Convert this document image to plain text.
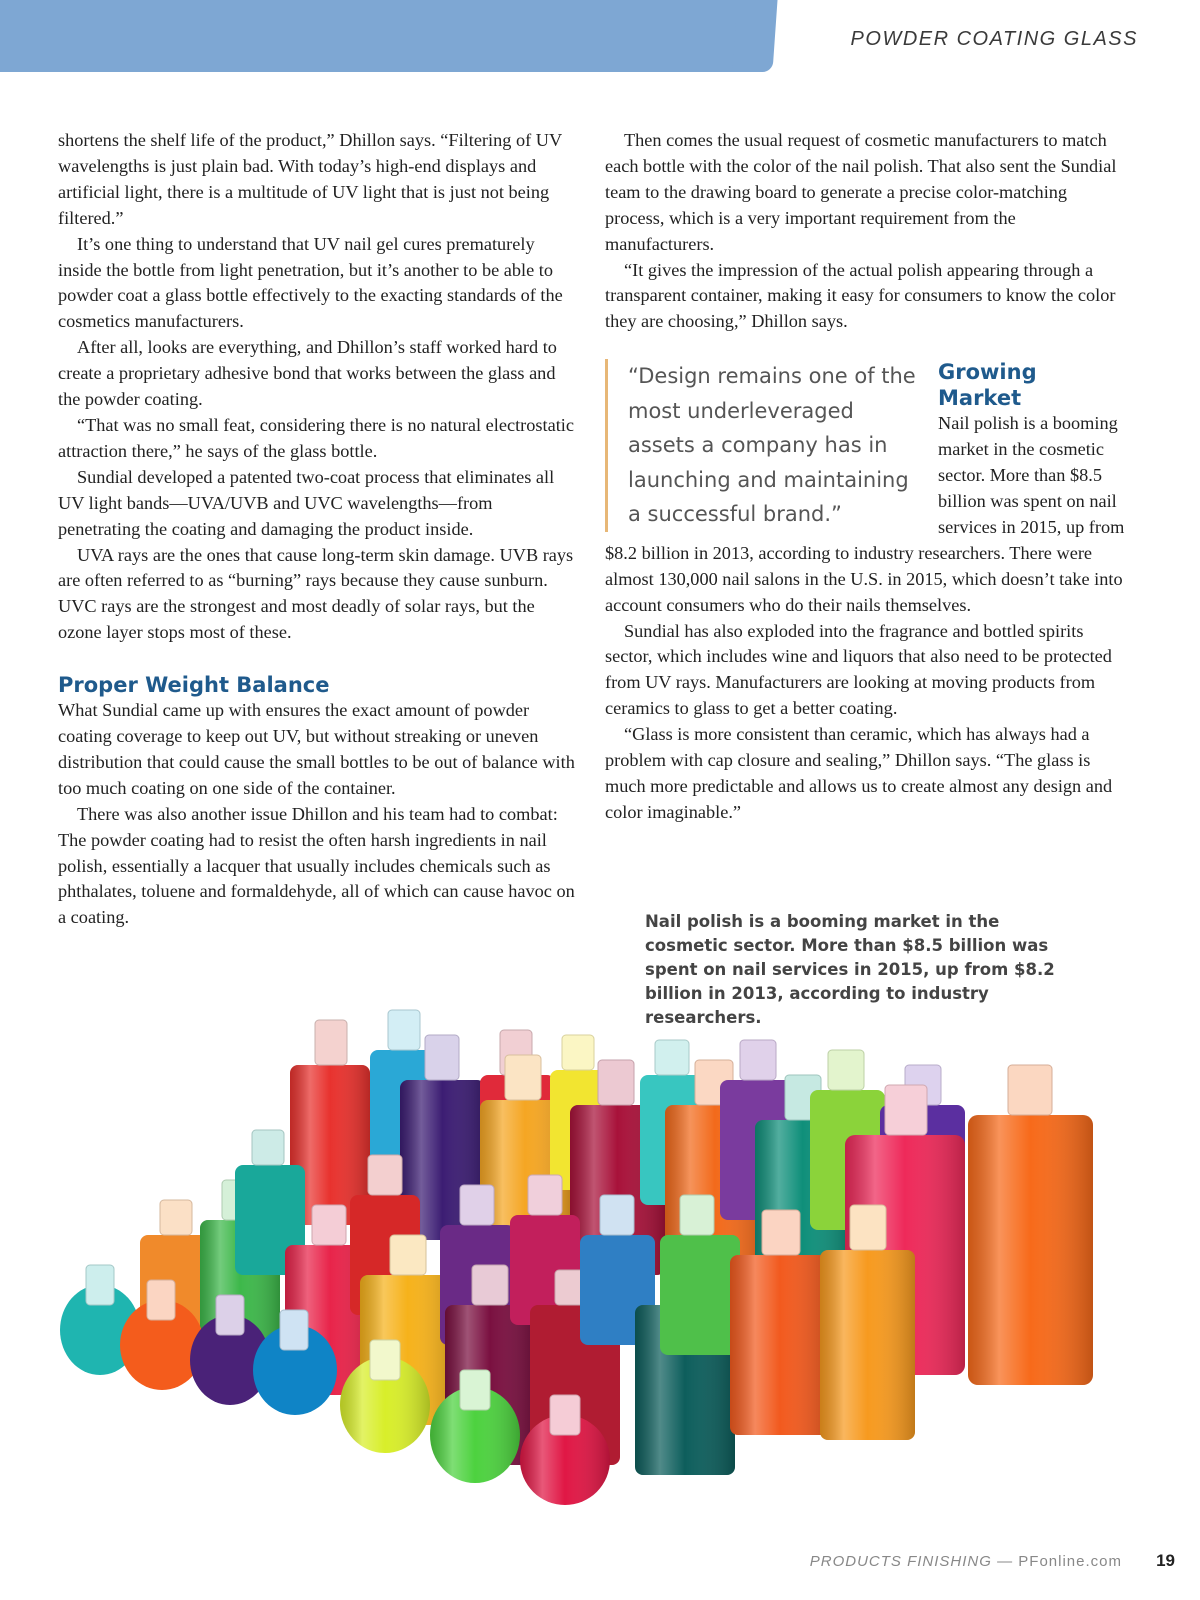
POWDER COATING GLASS

shortens the shelf life of the product,” Dhillon says. “Filtering of UV wavelengths is just plain bad. With today’s high-end displays and artificial light, there is a multitude of UV light that is just not being filtered.”

It’s one thing to understand that UV nail gel cures prematurely inside the bottle from light penetration, but it’s another to be able to powder coat a glass bottle effectively to the exacting standards of the cosmetics manufacturers.

After all, looks are everything, and Dhillon’s staff worked hard to create a proprietary adhesive bond that works between the glass and the powder coating.

“That was no small feat, considering there is no natural electrostatic attraction there,” he says of the glass bottle.

Sundial developed a patented two-coat process that eliminates all UV light bands—UVA/UVB and UVC wavelengths—from penetrating the coating and damaging the product inside.

UVA rays are the ones that cause long-term skin damage. UVB rays are often referred to as “burning” rays because they cause sunburn. UVC rays are the strongest and most deadly of solar rays, but the ozone layer stops most of these.

Proper Weight Balance

What Sundial came up with ensures the exact amount of powder coating coverage to keep out UV, but without streaking or uneven distribution that could cause the small bottles to be out of balance with too much coating on one side of the container.

There was also another issue Dhillon and his team had to combat: The powder coating had to resist the often harsh ingredients in nail polish, essentially a lacquer that usually includes chemicals such as phthalates, toluene and formaldehyde, all of which can cause havoc on a coating.

Then comes the usual request of cosmetic manufacturers to match each bottle with the color of the nail polish. That also sent the Sundial team to the drawing board to generate a precise color-matching process, which is a very important requirement from the manufacturers.

“It gives the impression of the actual polish appearing through a transparent container, making it easy for consumers to know the color they are choosing,” Dhillon says.

“Design remains one of the most underleveraged assets a company has in launching and maintaining a successful brand.”
Growing Market

Nail polish is a booming market in the cosmetic sector. More than $8.5 billion was spent on nail services in 2015, up from $8.2 billion in 2013, according to industry researchers. There were almost 130,000 nail salons in the U.S. in 2015, which doesn’t take into account consumers who do their nails themselves.

Sundial has also exploded into the fragrance and bottled spirits sector, which includes wine and liquors that also need to be protected from UV rays. Manufacturers are looking at moving products from ceramics to glass to get a better coating.

“Glass is more consistent than ceramic, which has always had a problem with cap closure and sealing,” Dhillon says. “The glass is much more predictable and allows us to create almost any design and color imaginable.”

Nail polish is a booming market in the cosmetic sector. More than $8.5 billion was spent on nail services in 2015, up from $8.2 billion in 2013, according to industry researchers.
PRODUCTS FINISHING — PFonline.com 19
